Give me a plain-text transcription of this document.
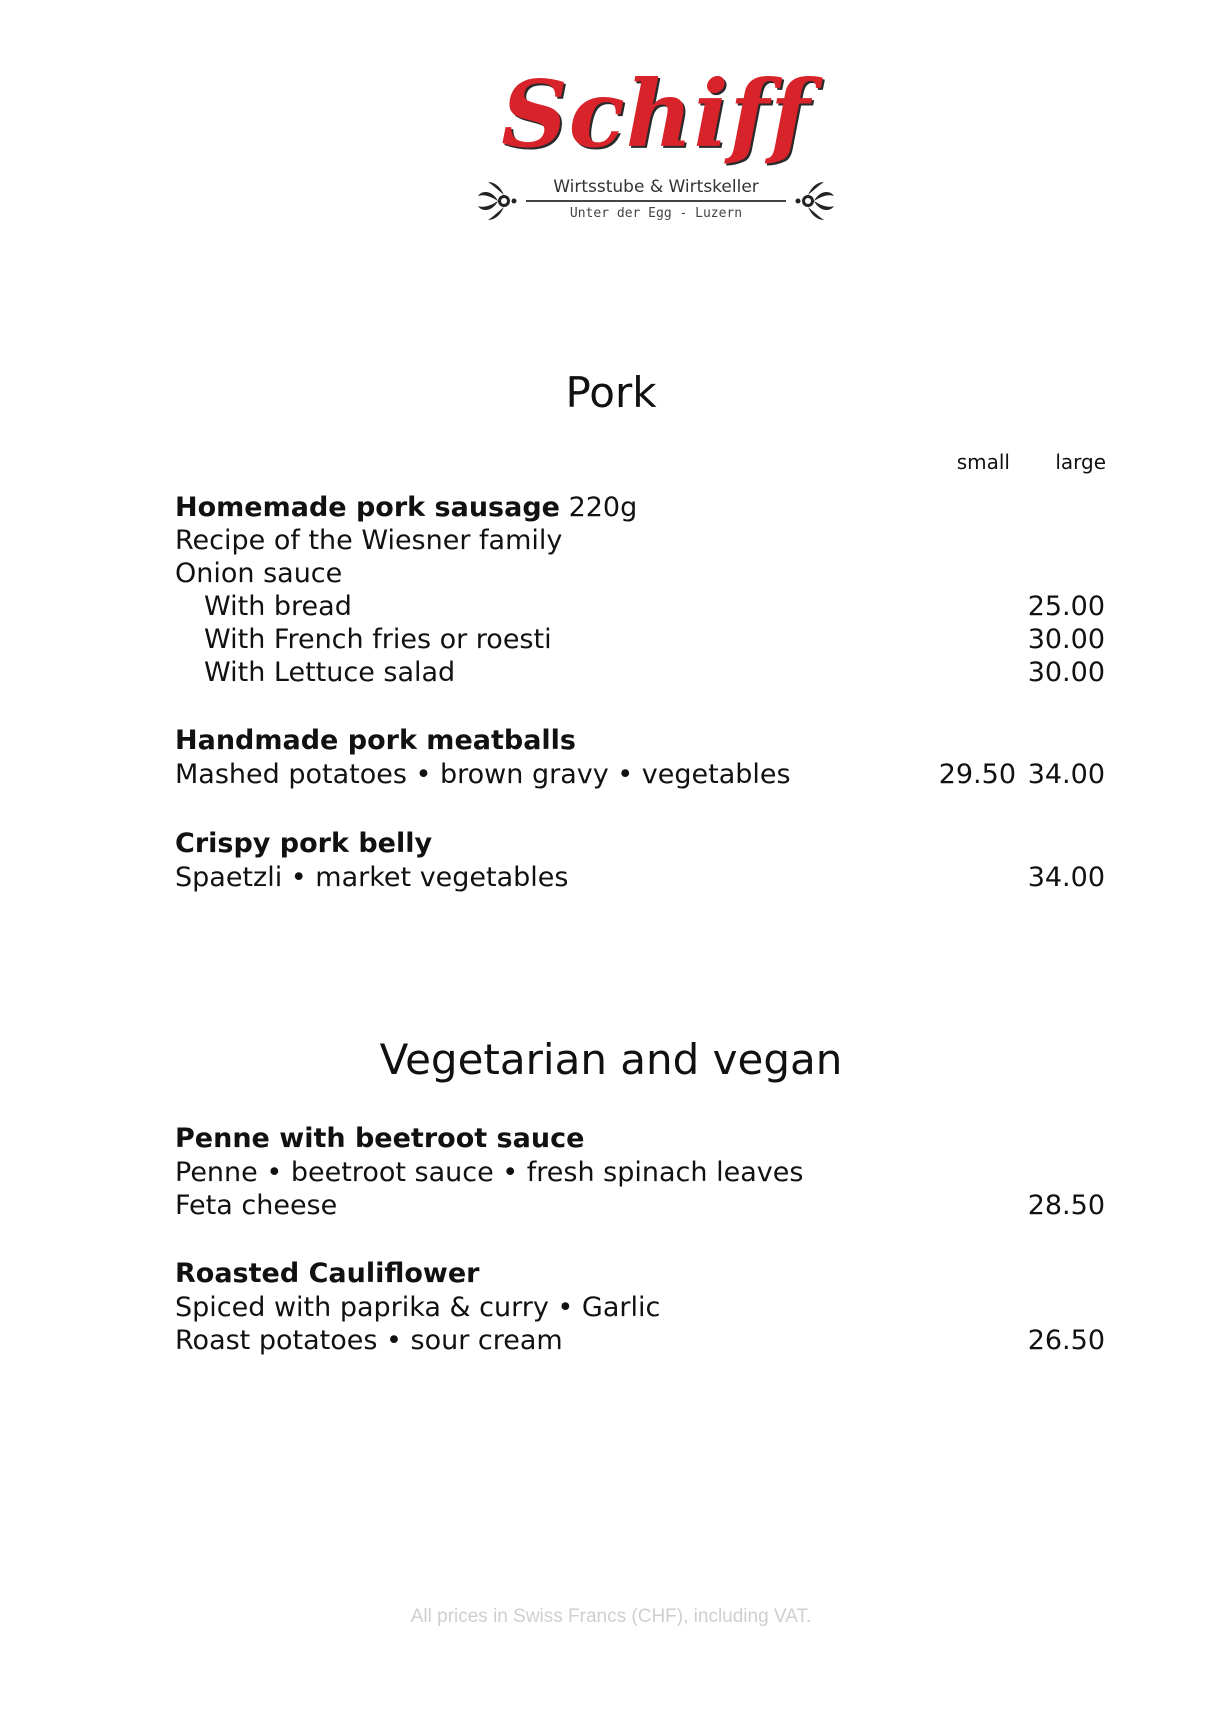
Schiff
Wirtsstube & Wirtskeller
Unter der Egg - Luzern
Pork
small large
Homemade pork sausage 220g
Recipe of the Wiesner family
Onion sauce
With bread	25.00
With French fries or roesti	30.00
With Lettuce salad	30.00
Handmade pork meatballs
Mashed potatoes • brown gravy • vegetables	29.50 34.00
Crispy pork belly
Spaetzli • market vegetables	34.00
Vegetarian and vegan
Penne with beetroot sauce
Penne • beetroot sauce • fresh spinach leaves
Feta cheese	28.50
Roasted Cauliflower
Spiced with paprika & curry • Garlic
Roast potatoes • sour cream	26.50
All prices in Swiss Francs (CHF), including VAT.
